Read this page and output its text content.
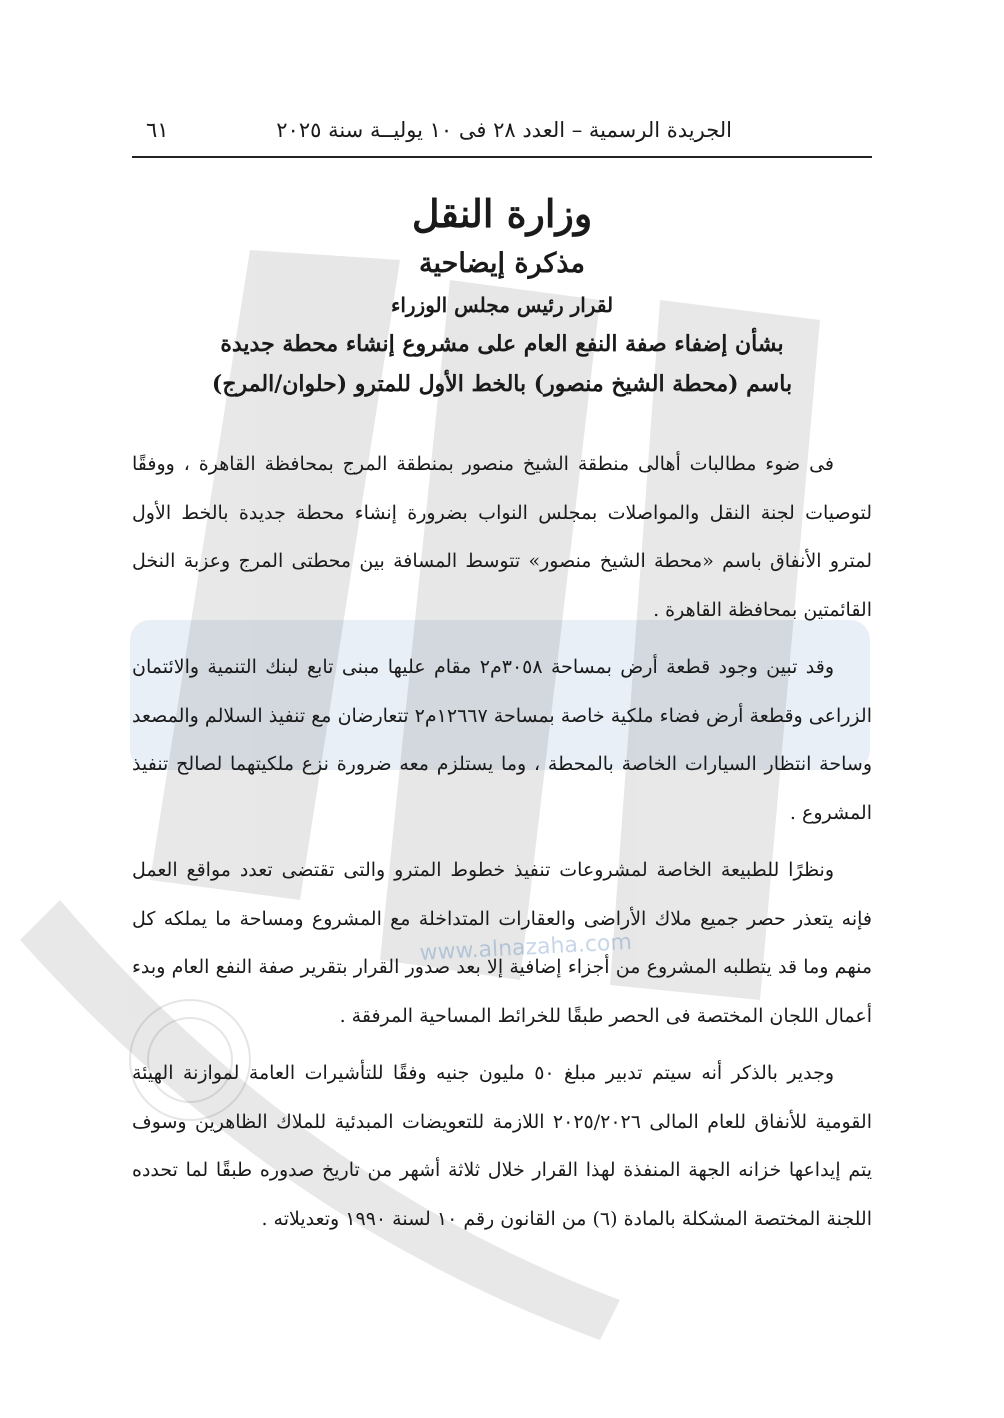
www.alnazaha.com
الجريدة الرسمية – العدد ٢٨ فى ١٠ يوليــة سنة ٢٠٢٥
٦١
وزارة النقل
مذكرة إيضاحية
لقرار رئيس مجلس الوزراء
بشأن إضفاء صفة النفع العام على مشروع إنشاء محطة جديدة
باسم (محطة الشيخ منصور) بالخط الأول للمترو (حلوان/المرج)

فى ضوء مطالبات أهالى منطقة الشيخ منصور بمنطقة المرج بمحافظة القاهرة ، ووفقًا لتوصيات لجنة النقل والمواصلات بمجلس النواب بضرورة إنشاء محطة جديدة بالخط الأول لمترو الأنفاق باسم «محطة الشيخ منصور» تتوسط المسافة بين محطتى المرج وعزبة النخل القائمتين بمحافظة القاهرة .

وقد تبين وجود قطعة أرض بمساحة ٣٠٥٨م٢ مقام عليها مبنى تابع لبنك التنمية والائتمان الزراعى وقطعة أرض فضاء ملكية خاصة بمساحة ١٢٦٦٧م٢ تتعارضان مع تنفيذ السلالم والمصعد وساحة انتظار السيارات الخاصة بالمحطة ، وما يستلزم معه ضرورة نزع ملكيتهما لصالح تنفيذ المشروع .

ونظرًا للطبيعة الخاصة لمشروعات تنفيذ خطوط المترو والتى تقتضى تعدد مواقع العمل فإنه يتعذر حصر جميع ملاك الأراضى والعقارات المتداخلة مع المشروع ومساحة ما يملكه كل منهم وما قد يتطلبه المشروع من أجزاء إضافية إلا بعد صدور القرار بتقرير صفة النفع العام وبدء أعمال اللجان المختصة فى الحصر طبقًا للخرائط المساحية المرفقة .

وجدير بالذكر أنه سيتم تدبير مبلغ ٥٠ مليون جنيه وفقًا للتأشيرات العامة لموازنة الهيئة القومية للأنفاق للعام المالى ٢٠٢٥/٢٠٢٦ اللازمة للتعويضات المبدئية للملاك الظاهرين وسوف يتم إيداعها خزانه الجهة المنفذة لهذا القرار خلال ثلاثة أشهر من تاريخ صدوره طبقًا لما تحدده اللجنة المختصة المشكلة بالمادة (٦) من القانون رقم ١٠ لسنة ١٩٩٠ وتعديلاته .
